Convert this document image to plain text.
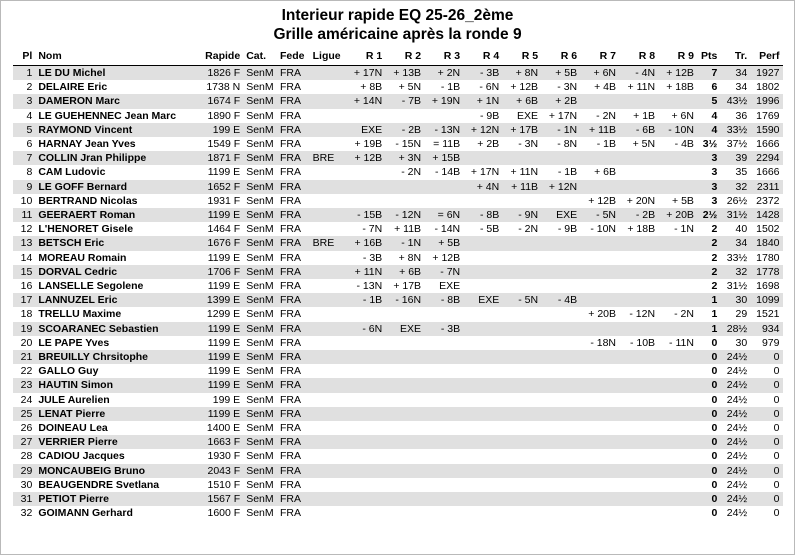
Interieur rapide EQ 25-26_2ème
Grille américaine après la ronde 9
Pl	Nom	Rapide	Cat.	Fede	Ligue	R 1	R 2	R 3	R 4	R 5	R 6	R 7	R 8	R 9	Pts	Tr.	Perf
1	LE DU Michel	1826 F	SenM	FRA		+ 17N	+ 13B	+ 2N	- 3B	+ 8N	+ 5B	+ 6N	- 4N	+ 12B	7	34	1927
2	DELAIRE Eric	1738 N	SenM	FRA		+ 8B	+ 5N	- 1B	- 6N	+ 12B	- 3N	+ 4B	+ 11N	+ 18B	6	34	1802
3	DAMERON Marc	1674 F	SenM	FRA		+ 14N	- 7B	+ 19N	+ 1N	+ 6B	+ 2B				5	43½	1996
4	LE GUEHENNEC Jean Marc	1890 F	SenM	FRA					- 9B	EXE	+ 17N	- 2N	+ 1B	+ 6N	4	36	1769
5	RAYMOND Vincent	199 E	SenM	FRA		EXE	- 2B	- 13N	+ 12N	+ 17B	- 1N	+ 11B	- 6B	- 10N	4	33½	1590
6	HARNAY Jean Yves	1549 F	SenM	FRA		+ 19B	- 15N	= 11B	+ 2B	- 3N	- 8N	- 1B	+ 5N	- 4B	3½	37½	1666
7	COLLIN Jran Philippe	1871 F	SenM	FRA	BRE	+ 12B	+ 3N	+ 15B							3	39	2294
8	CAM Ludovic	1199 E	SenM	FRA			- 2N	- 14B	+ 17N	+ 11N	- 1B	+ 6B			3	35	1666
9	LE GOFF Bernard	1652 F	SenM	FRA					+ 4N	+ 11B	+ 12N				3	32	2311
10	BERTRAND Nicolas	1931 F	SenM	FRA								+ 12B	+ 20N	+ 5B	3	26½	2372
11	GEERAERT Roman	1199 E	SenM	FRA		- 15B	- 12N	= 6N	- 8B	- 9N	EXE	- 5N	- 2B	+ 20B	2½	31½	1428
12	L'HENORET Gisele	1464 F	SenM	FRA		- 7N	+ 11B	- 14N	- 5B	- 2N	- 9B	- 10N	+ 18B	- 1N	2	40	1502
13	BETSCH Eric	1676 F	SenM	FRA	BRE	+ 16B	- 1N	+ 5B							2	34	1840
14	MOREAU Romain	1199 E	SenM	FRA		- 3B	+ 8N	+ 12B							2	33½	1780
15	DORVAL Cedric	1706 F	SenM	FRA		+ 11N	+ 6B	- 7N							2	32	1778
16	LANSELLE Segolene	1199 E	SenM	FRA		- 13N	+ 17B	EXE							2	31½	1698
17	LANNUZEL Eric	1399 E	SenM	FRA		- 1B	- 16N	- 8B	EXE	- 5N	- 4B				1	30	1099
18	TRELLU Maxime	1299 E	SenM	FRA								+ 20B	- 12N	- 2N	1	29	1521
19	SCOARANEC Sebastien	1199 E	SenM	FRA		- 6N	EXE	- 3B							1	28½	934
20	LE PAPE Yves	1199 E	SenM	FRA								- 18N	- 10B	- 11N	0	30	979
21	BREUILLY Chrsitophe	1199 E	SenM	FRA											0	24½	0
22	GALLO Guy	1199 E	SenM	FRA											0	24½	0
23	HAUTIN Simon	1199 E	SenM	FRA											0	24½	0
24	JULE Aurelien	199 E	SenM	FRA											0	24½	0
25	LENAT Pierre	1199 E	SenM	FRA											0	24½	0
26	DOINEAU Lea	1400 E	SenM	FRA											0	24½	0
27	VERRIER Pierre	1663 F	SenM	FRA											0	24½	0
28	CADIOU Jacques	1930 F	SenM	FRA											0	24½	0
29	MONCAUBEIG Bruno	2043 F	SenM	FRA											0	24½	0
30	BEAUGENDRE Svetlana	1510 F	SenM	FRA											0	24½	0
31	PETIOT Pierre	1567 F	SenM	FRA											0	24½	0
32	GOIMANN Gerhard	1600 F	SenM	FRA											0	24½	0
